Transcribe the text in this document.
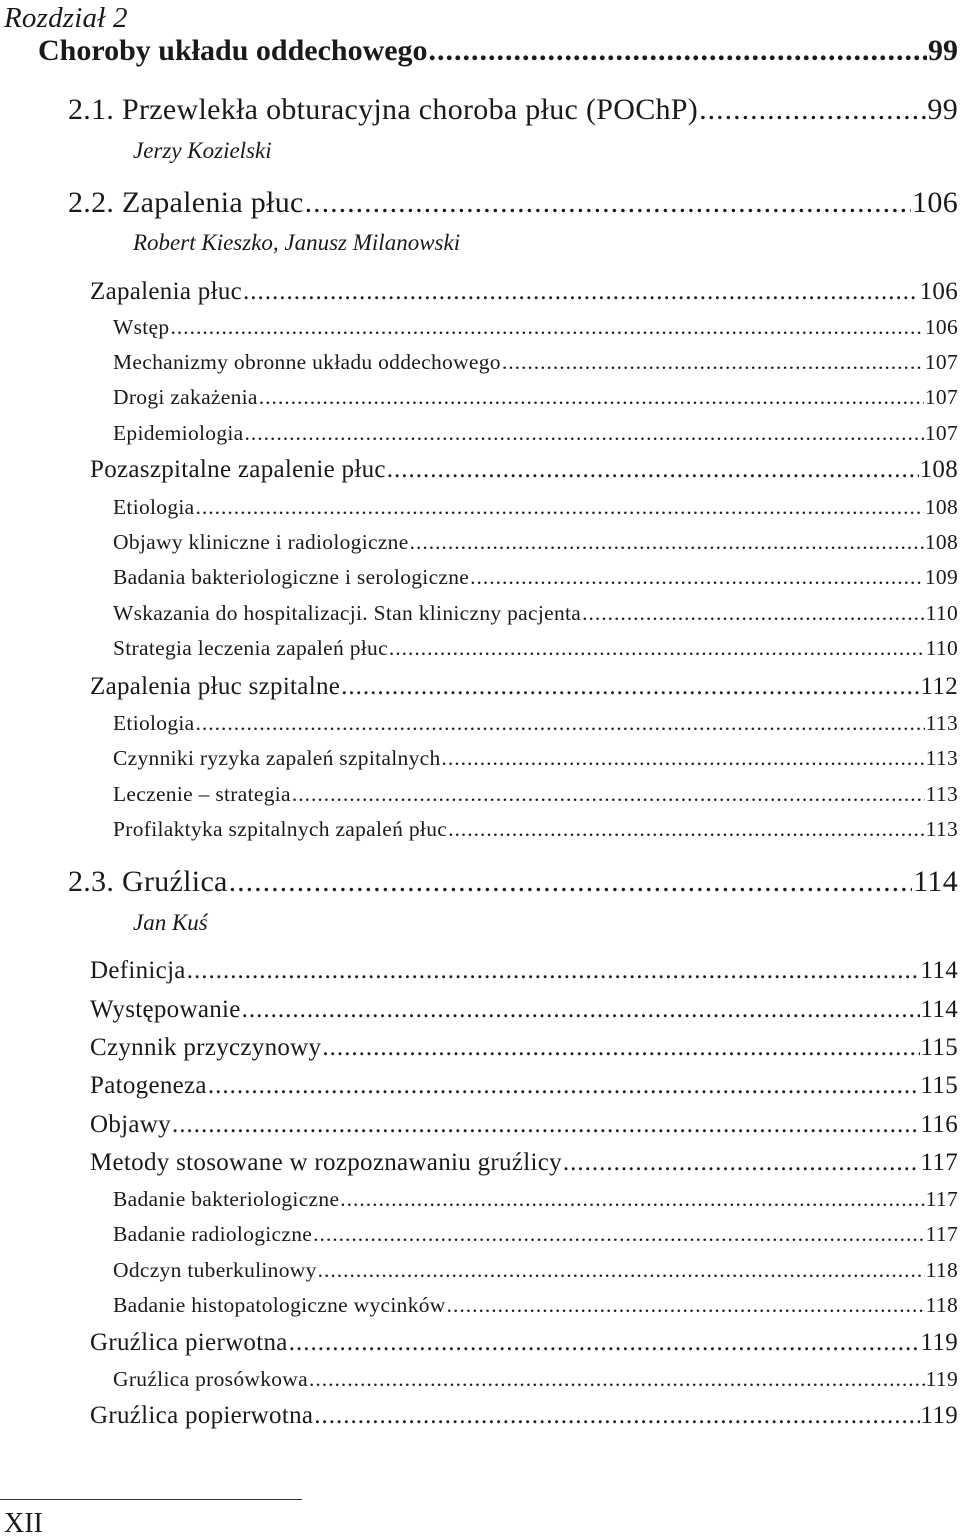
Rozdział 2
Choroby układu oddechowego .....	99
2.1. Przewlekła obturacyjna choroba płuc (POChP) .....	99
Jerzy Kozielski
2.2. Zapalenia płuc .....	106
Robert Kieszko, Janusz Milanowski
Zapalenia płuc .....	106
Wstęp .....	106
Mechanizmy obronne układu oddechowego .....	107
Drogi zakażenia .....	107
Epidemiologia .....	107
Pozaszpitalne zapalenie płuc .....	108
Etiologia .....	108
Objawy kliniczne i radiologiczne .....	108
Badania bakteriologiczne i serologiczne .....	109
Wskazania do hospitalizacji. Stan kliniczny pacjenta .....	110
Strategia leczenia zapaleń płuc .....	110
Zapalenia płuc szpitalne .....	112
Etiologia .....	113
Czynniki ryzyka zapaleń szpitalnych .....	113
Leczenie – strategia .....	113
Profilaktyka szpitalnych zapaleń płuc .....	113
2.3. Gruźlica .....	114
Jan Kuś
Definicja .....	114
Występowanie .....	114
Czynnik przyczynowy .....	115
Patogeneza .....	115
Objawy .....	116
Metody stosowane w rozpoznawaniu gruźlicy .....	117
Badanie bakteriologiczne .....	117
Badanie radiologiczne .....	117
Odczyn tuberkulinowy .....	118
Badanie histopatologiczne wycinków .....	118
Gruźlica pierwotna .....	119
Gruźlica prosówkowa .....	119
Gruźlica popierwotna .....	119
XII
